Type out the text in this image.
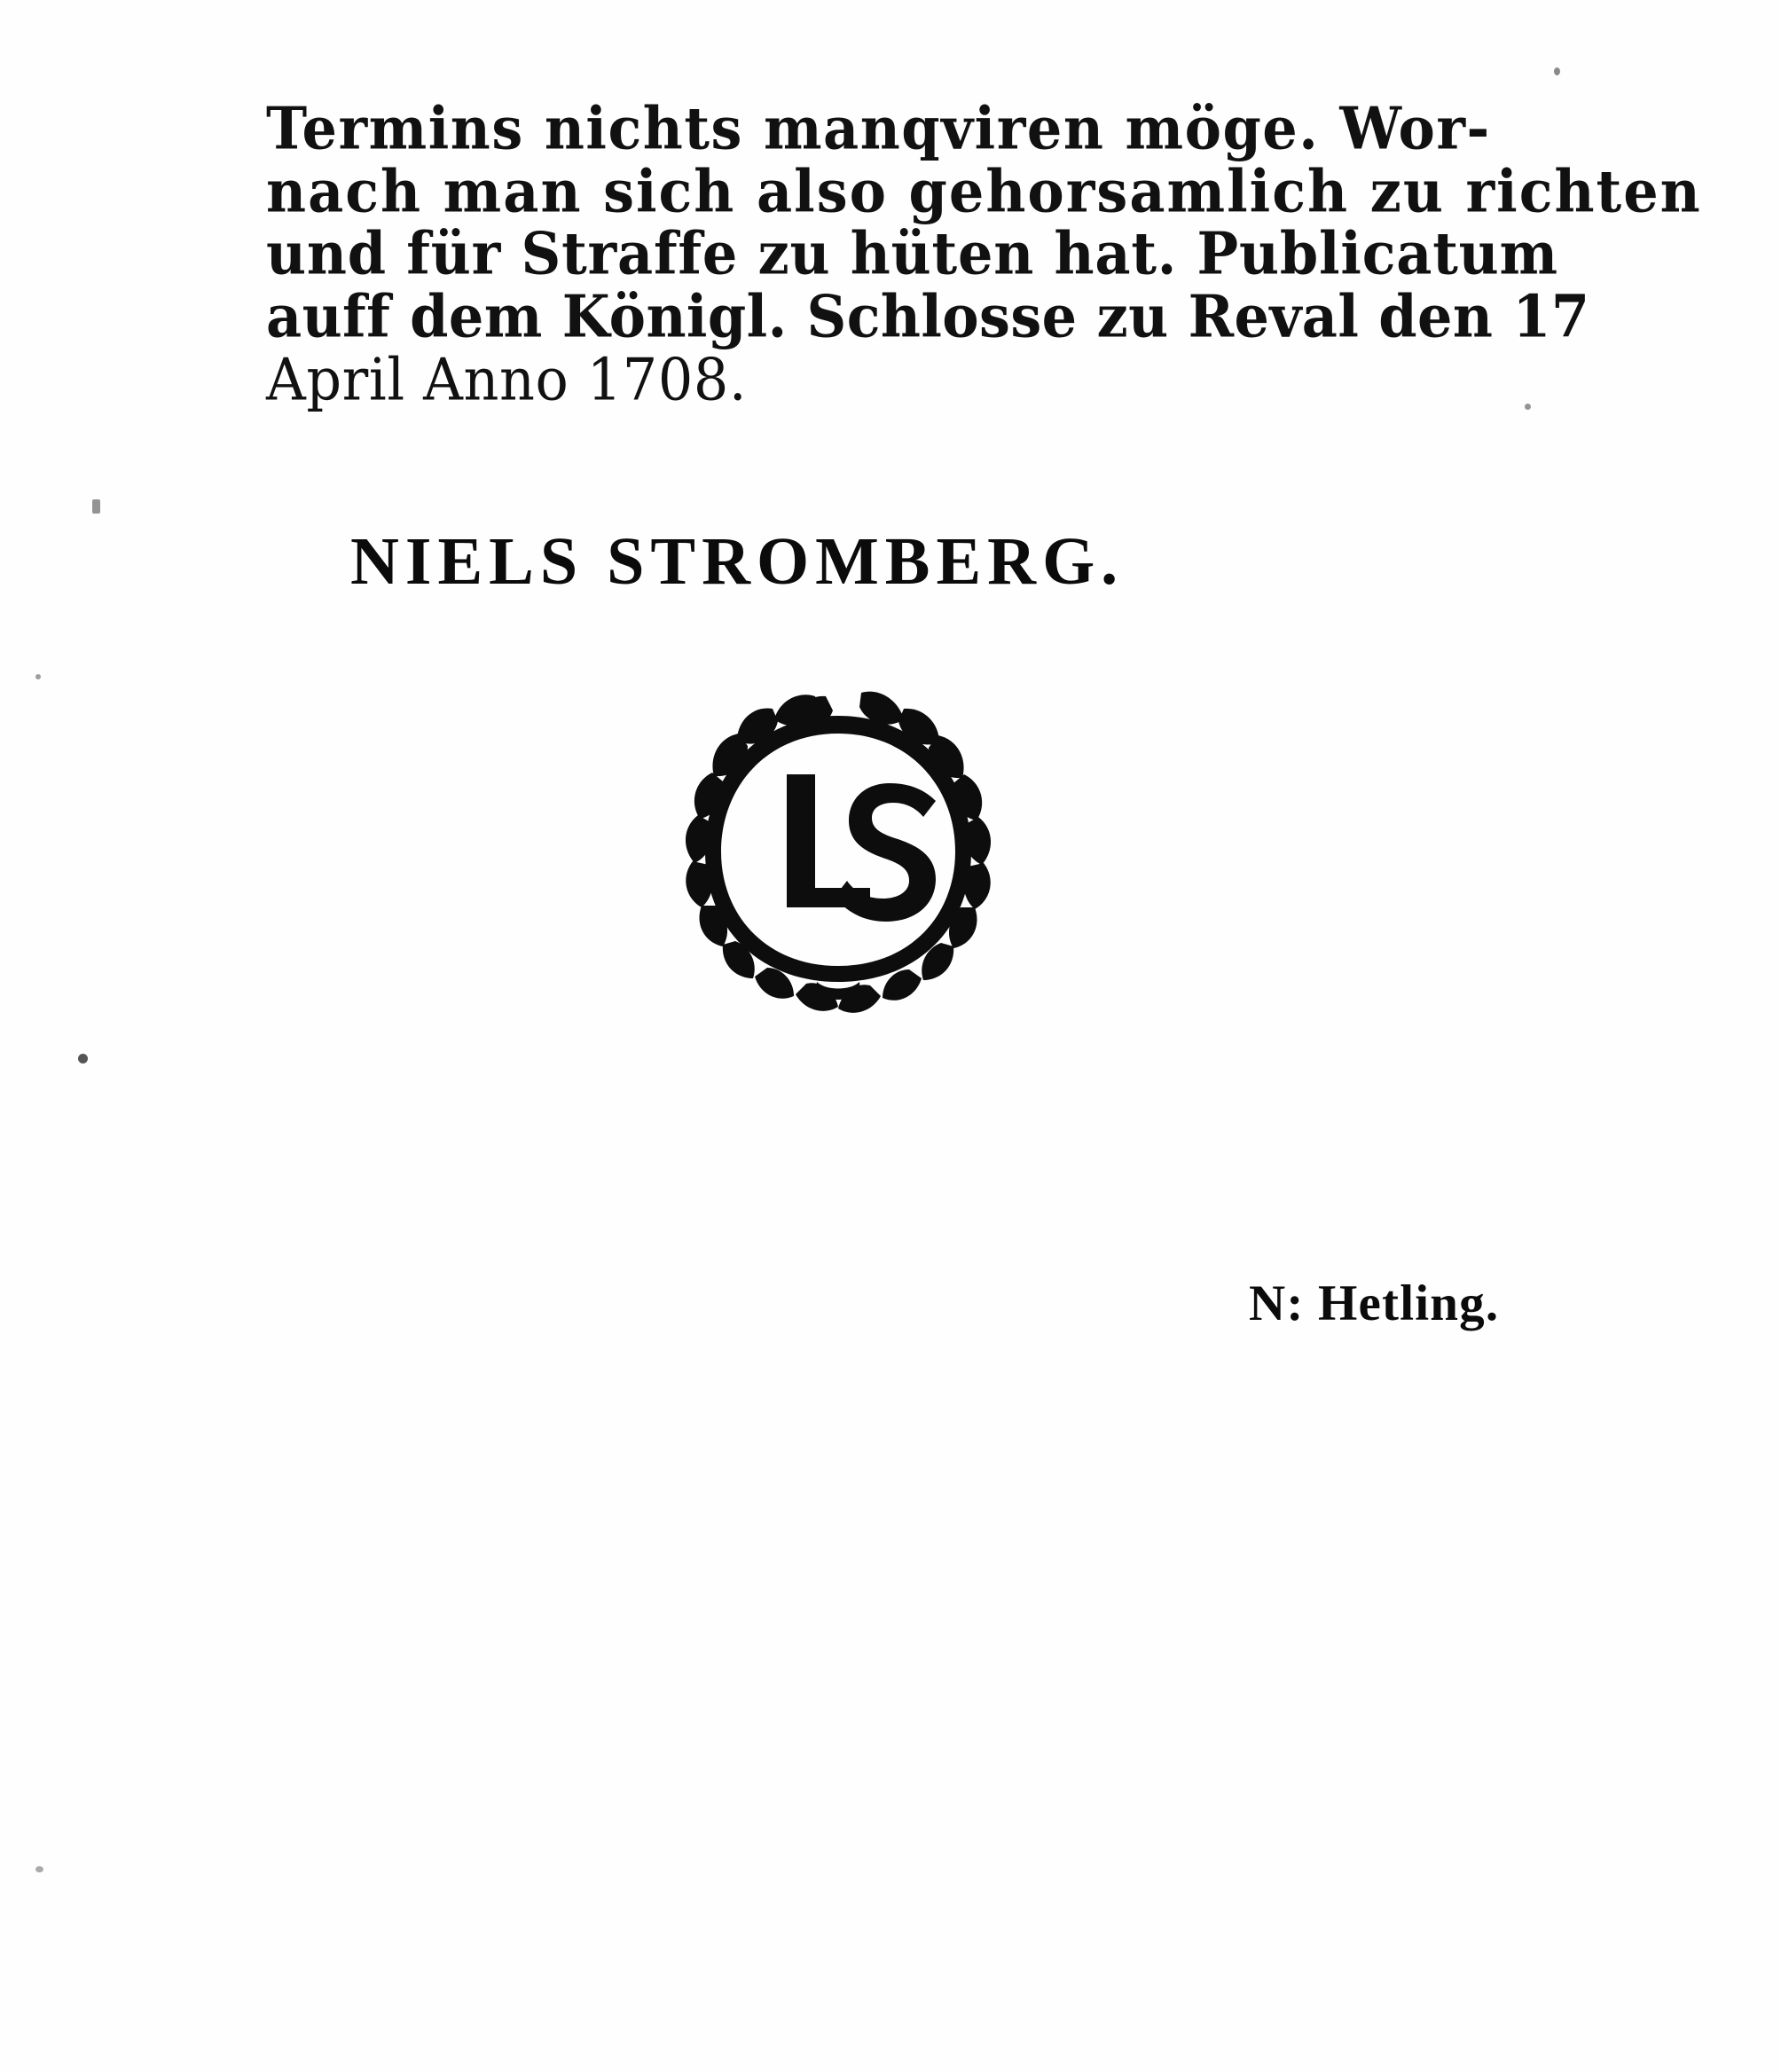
Termins nichts manqviren möge. Wor-
nach man sich also gehorsamlich zu richten
und für Straffe zu hüten hat. Publicatum
auff dem Königl. Schlosse zu Reval den 17
April Anno 1708.
NIELS STROMBERG.
N: Hetling.
